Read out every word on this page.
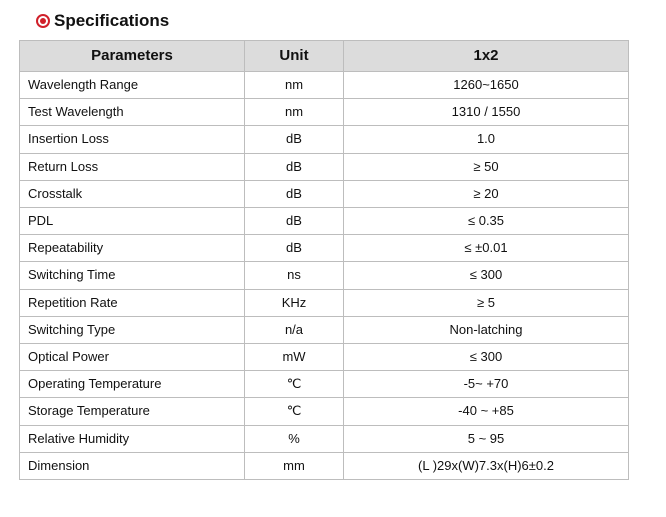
Specifications
Parameters	Unit	1x2
Wavelength Range	nm	1260~1650
Test Wavelength	nm	1310 / 1550
Insertion Loss	dB	1.0
Return Loss	dB	≥ 50
Crosstalk	dB	≥ 20
PDL	dB	≤ 0.35
Repeatability	dB	≤ ±0.01
Switching Time	ns	≤ 300
Repetition Rate	KHz	≥ 5
Switching Type	n/a	Non-latching
Optical Power	mW	≤ 300
Operating Temperature	℃	-5~ +70
Storage Temperature	℃	-40 ~ +85
Relative Humidity	%	5 ~ 95
Dimension	mm	(L )29x(W)7.3x(H)6±0.2
